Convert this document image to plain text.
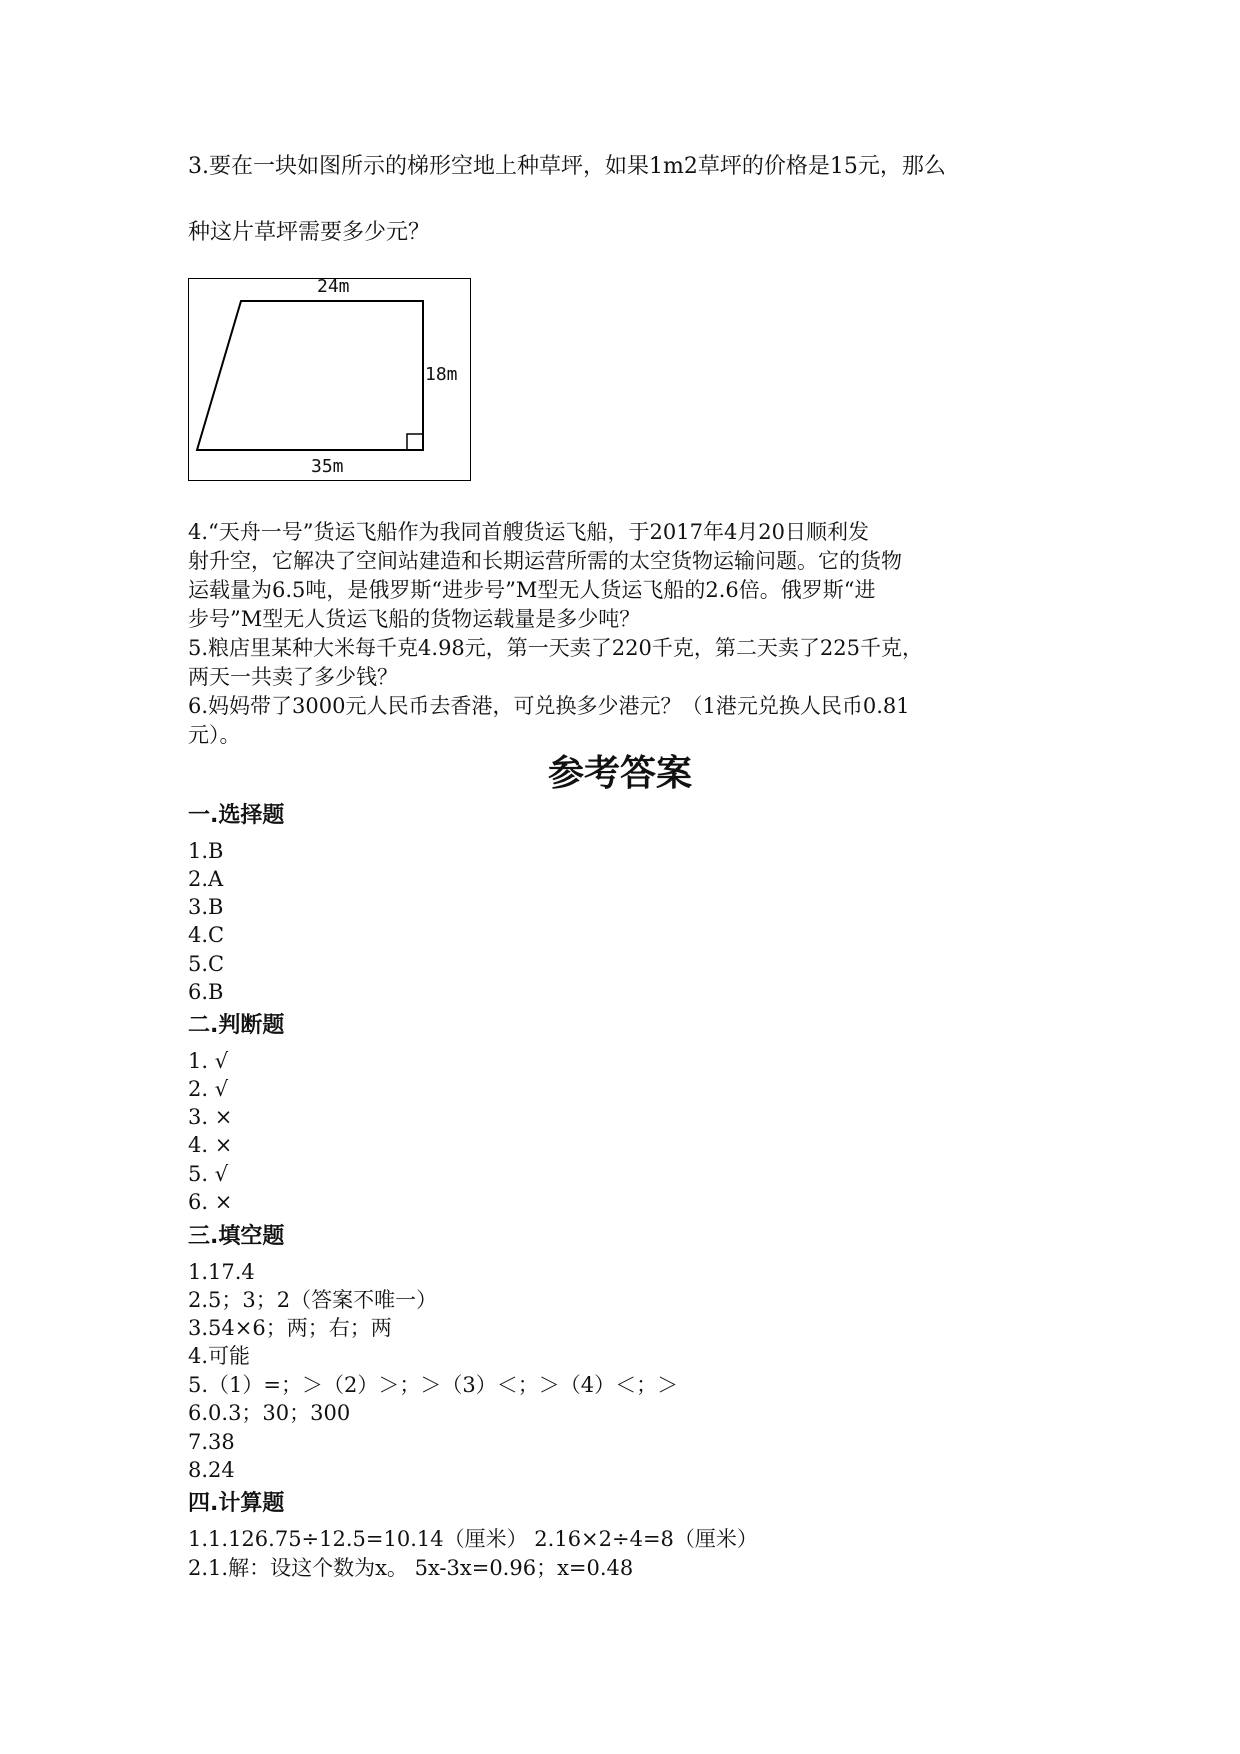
3.要在一块如图所示的梯形空地上种草坪，如果1m2草坪的价格是15元，那么
种这片草坪需要多少元？
24m
18m
35m
4.“天舟一号”货运飞船作为我同首艘货运飞船，于2017年4月20日顺利发
射升空，它解决了空间站建造和长期运营所需的太空货物运输问题。它的货物
运载量为6.5吨，是俄罗斯“进步号”M型无人货运飞船的2.6倍。俄罗斯“进
步号”M型无人货运飞船的货物运载量是多少吨？
5.粮店里某种大米每千克4.98元，第一天卖了220千克，第二天卖了225千克，
两天一共卖了多少钱？
6.妈妈带了3000元人民币去香港，可兑换多少港元？（1港元兑换人民币0.81
元）。
参考答案
一.选择题
1.B
2.A
3.B
4.C
5.C
6.B
二.判断题
1. √
2. √
3. ×
4. ×
5. √
6. ×
三.填空题
1.17.4
2.5；3；2（答案不唯一）
3.54×6；两；右；两
4.可能
5.（1）=；＞（2）＞；＞（3）＜；＞（4）＜；＞
6.0.3；30；300
7.38
8.24
四.计算题
1.1.126.75÷12.5=10.14（厘米） 2.16×2÷4=8（厘米）
2.1.解：设这个数为x。 5x-3x=0.96；x=0.48
